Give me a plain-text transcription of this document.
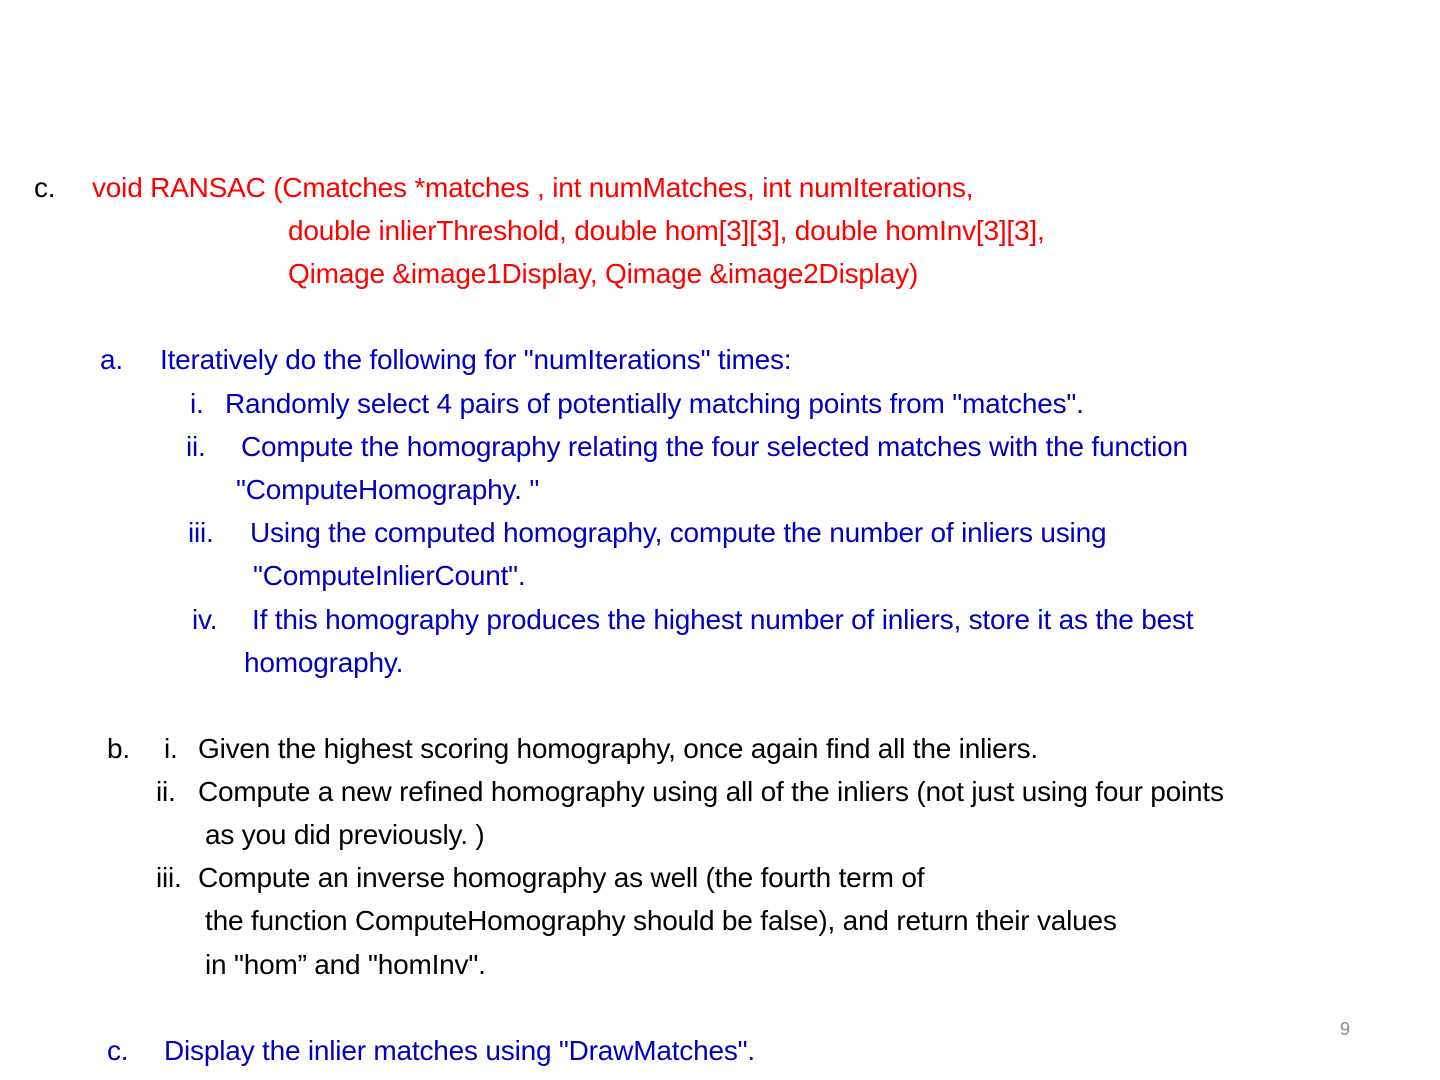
c. void RANSAC (Cmatches *matches , int numMatches, int numIterations,
double inlierThreshold, double hom[3][3], double homInv[3][3],
Qimage &image1Display, Qimage &image2Display)
a. Iteratively do the following for "numIterations" times:
i. Randomly select 4 pairs of potentially matching points from "matches".
ii. Compute the homography relating the four selected matches with the function
"ComputeHomography. "
iii. Using the computed homography, compute the number of inliers using
"ComputeInlierCount".
iv. If this homography produces the highest number of inliers, store it as the best
homography.
b. i. Given the highest scoring homography, once again find all the inliers.
ii. Compute a new refined homography using all of the inliers (not just using four points
as you did previously. )
iii. Compute an inverse homography as well (the fourth term of
the function ComputeHomography should be false), and return their values
in "hom” and "homInv".
9
c. Display the inlier matches using "DrawMatches".
